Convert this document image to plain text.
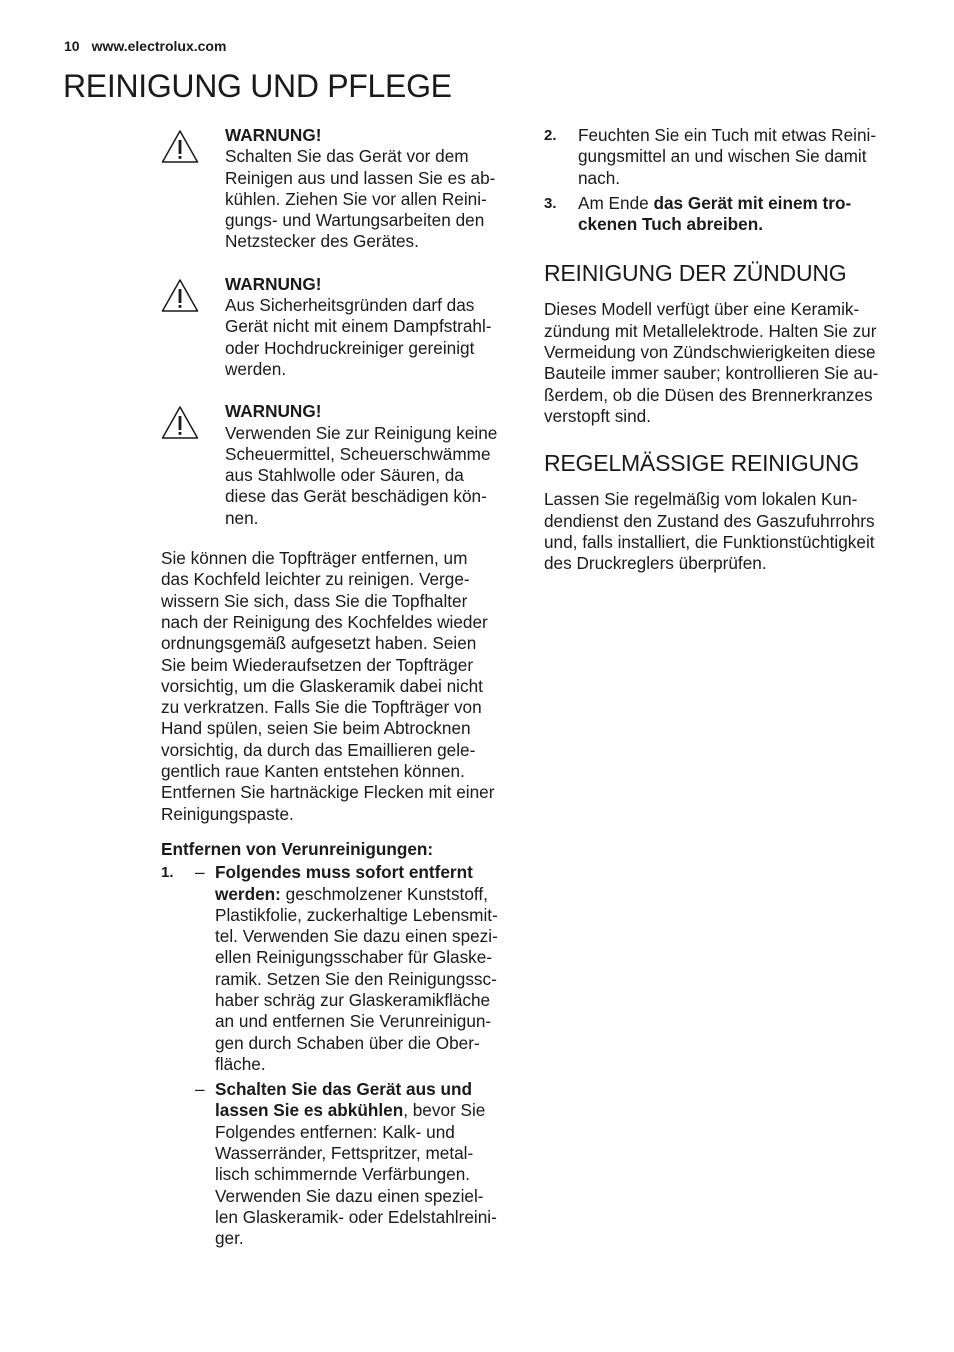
10 www.electrolux.com
REINIGUNG UND PFLEGE
WARNUNG!

Schalten Sie das Gerät vor dem
Reinigen aus und lassen Sie es ab-
kühlen. Ziehen Sie vor allen Reini-
gungs- und Wartungsarbeiten den
Netzstecker des Gerätes.

WARNUNG!

Aus Sicherheitsgründen darf das
Gerät nicht mit einem Dampfstrahl-
oder Hochdruckreiniger gereinigt
werden.

WARNUNG!

Verwenden Sie zur Reinigung keine
Scheuermittel, Scheuerschwämme
aus Stahlwolle oder Säuren, da
diese das Gerät beschädigen kön-
nen.

Sie können die Topfträger entfernen, um
das Kochfeld leichter zu reinigen. Verge-
wissern Sie sich, dass Sie die Topfhalter
nach der Reinigung des Kochfeldes wieder
ordnungsgemäß aufgesetzt haben. Seien
Sie beim Wiederaufsetzen der Topfträger
vorsichtig, um die Glaskeramik dabei nicht
zu verkratzen. Falls Sie die Topfträger von
Hand spülen, seien Sie beim Abtrocknen
vorsichtig, da durch das Emaillieren gele-
gentlich raue Kanten entstehen können.
Entfernen Sie hartnäckige Flecken mit einer
Reinigungspaste.

Entfernen von Verunreinigungen:

1. – Folgendes muss sofort entfernt
werden: geschmolzener Kunststoff,
Plastikfolie, zuckerhaltige Lebensmit-
tel. Verwenden Sie dazu einen spezi-
ellen Reinigungsschaber für Glaske-
ramik. Setzen Sie den Reinigungssc-
haber schräg zur Glaskeramikfläche
an und entfernen Sie Verunreinigun-
gen durch Schaben über die Ober-
fläche.
– Schalten Sie das Gerät aus und
lassen Sie es abkühlen, bevor Sie
Folgendes entfernen: Kalk- und
Wasserränder, Fettspritzer, metal-
lisch schimmernde Verfärbungen.
Verwenden Sie dazu einen speziel-
len Glaskeramik- oder Edelstahlreini-
ger.
2. Feuchten Sie ein Tuch mit etwas Reini-
gungsmittel an und wischen Sie damit
nach.
3. Am Ende das Gerät mit einem tro-
ckenen Tuch abreiben.
REINIGUNG DER ZÜNDUNG

Dieses Modell verfügt über eine Keramik-
zündung mit Metallelektrode. Halten Sie zur
Vermeidung von Zündschwierigkeiten diese
Bauteile immer sauber; kontrollieren Sie au-
ßerdem, ob die Düsen des Brennerkranzes
verstopft sind.

REGELMÄSSIGE REINIGUNG

Lassen Sie regelmäßig vom lokalen Kun-
dendienst den Zustand des Gaszufuhrrohrs
und, falls installiert, die Funktionstüchtigkeit
des Druckreglers überprüfen.
